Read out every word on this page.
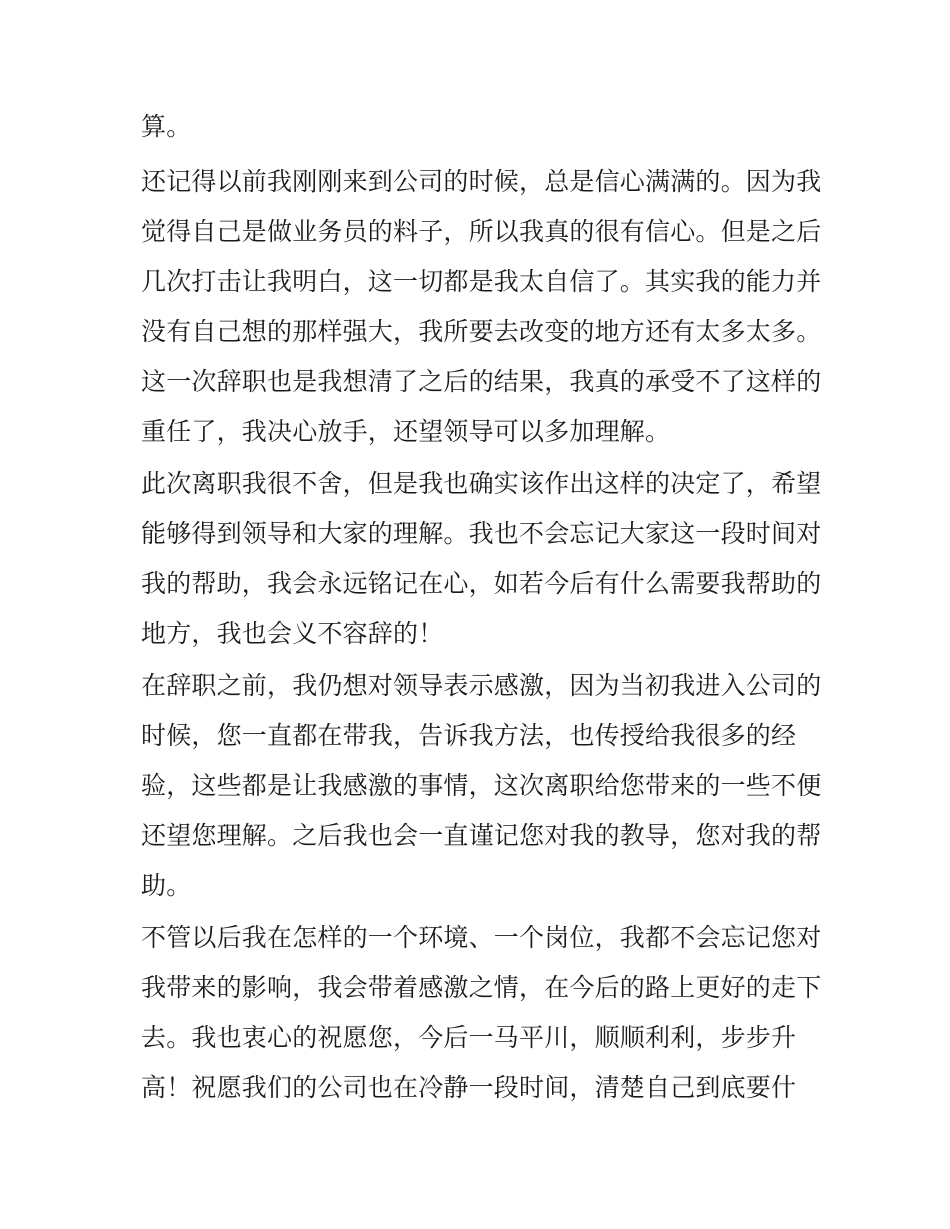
算。
还记得以前我刚刚来到公司的时候，总是信心满满的。因为我
觉得自己是做业务员的料子，所以我真的很有信心。但是之后
几次打击让我明白，这一切都是我太自信了。其实我的能力并
没有自己想的那样强大，我所要去改变的地方还有太多太多。
这一次辞职也是我想清了之后的结果，我真的承受不了这样的
重任了，我决心放手，还望领导可以多加理解。
此次离职我很不舍，但是我也确实该作出这样的决定了，希望
能够得到领导和大家的理解。我也不会忘记大家这一段时间对
我的帮助，我会永远铭记在心，如若今后有什么需要我帮助的
地方，我也会义不容辞的！
在辞职之前，我仍想对领导表示感激，因为当初我进入公司的
时候，您一直都在带我，告诉我方法，也传授给我很多的经
验，这些都是让我感激的事情，这次离职给您带来的一些不便
还望您理解。之后我也会一直谨记您对我的教导，您对我的帮
助。
不管以后我在怎样的一个环境、一个岗位，我都不会忘记您对
我带来的影响，我会带着感激之情，在今后的路上更好的走下
去。我也衷心的祝愿您，今后一马平川，顺顺利利，步步升
高！祝愿我们的公司也在冷静一段时间，清楚自己到底要什
